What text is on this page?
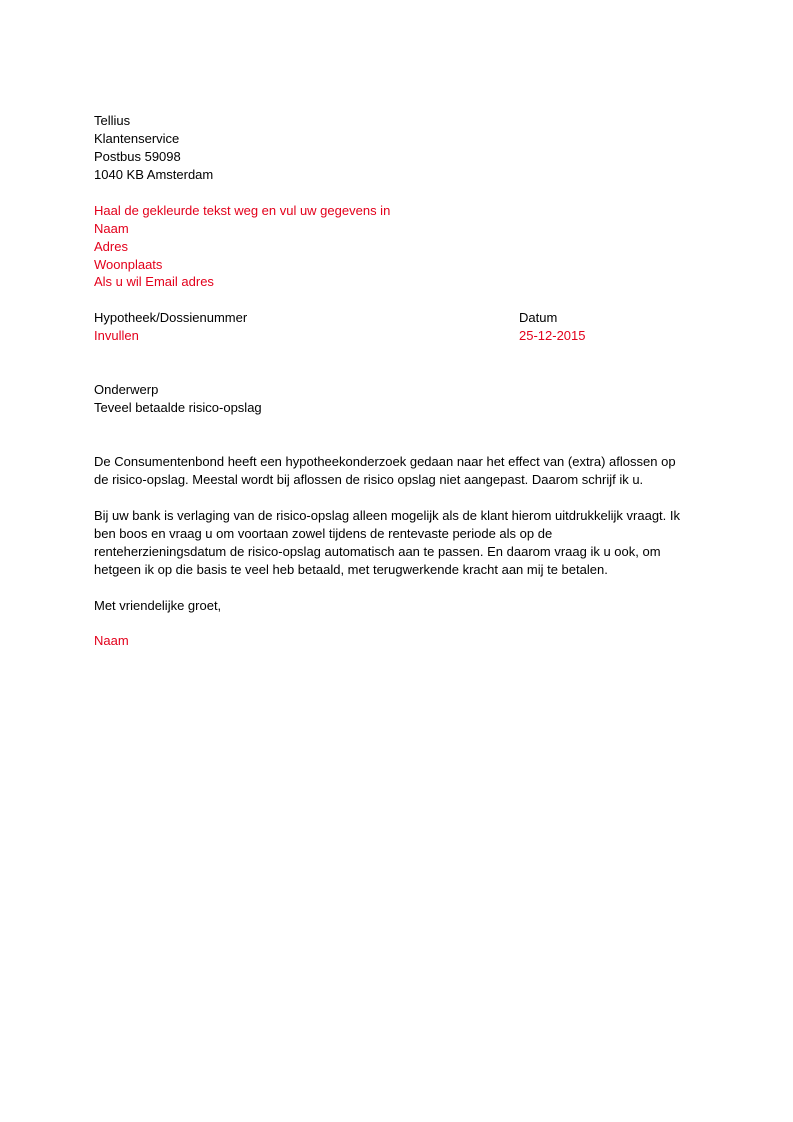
Tellius
Klantenservice
Postbus 59098
1040 KB Amsterdam
Haal de gekleurde tekst weg en vul uw gegevens in
Naam
Adres
Woonplaats
Als u wil Email adres
Hypotheek/Dossienummer	Datum
Invullen	25-12-2015
Onderwerp
Teveel betaalde risico-opslag
De Consumentenbond heeft een hypotheekonderzoek gedaan naar het effect van (extra) aflossen op
de risico-opslag. Meestal wordt bij aflossen de risico opslag niet aangepast. Daarom schrijf ik u.
Bij uw bank is verlaging van de risico-opslag alleen mogelijk als de klant hierom uitdrukkelijk vraagt. Ik
ben boos en vraag u om voortaan zowel tijdens de rentevaste periode als op de
renteherzieningsdatum de risico-opslag automatisch aan te passen. En daarom vraag ik u ook, om
hetgeen ik op die basis te veel heb betaald, met terugwerkende kracht aan mij te betalen.
Met vriendelijke groet,
Naam
